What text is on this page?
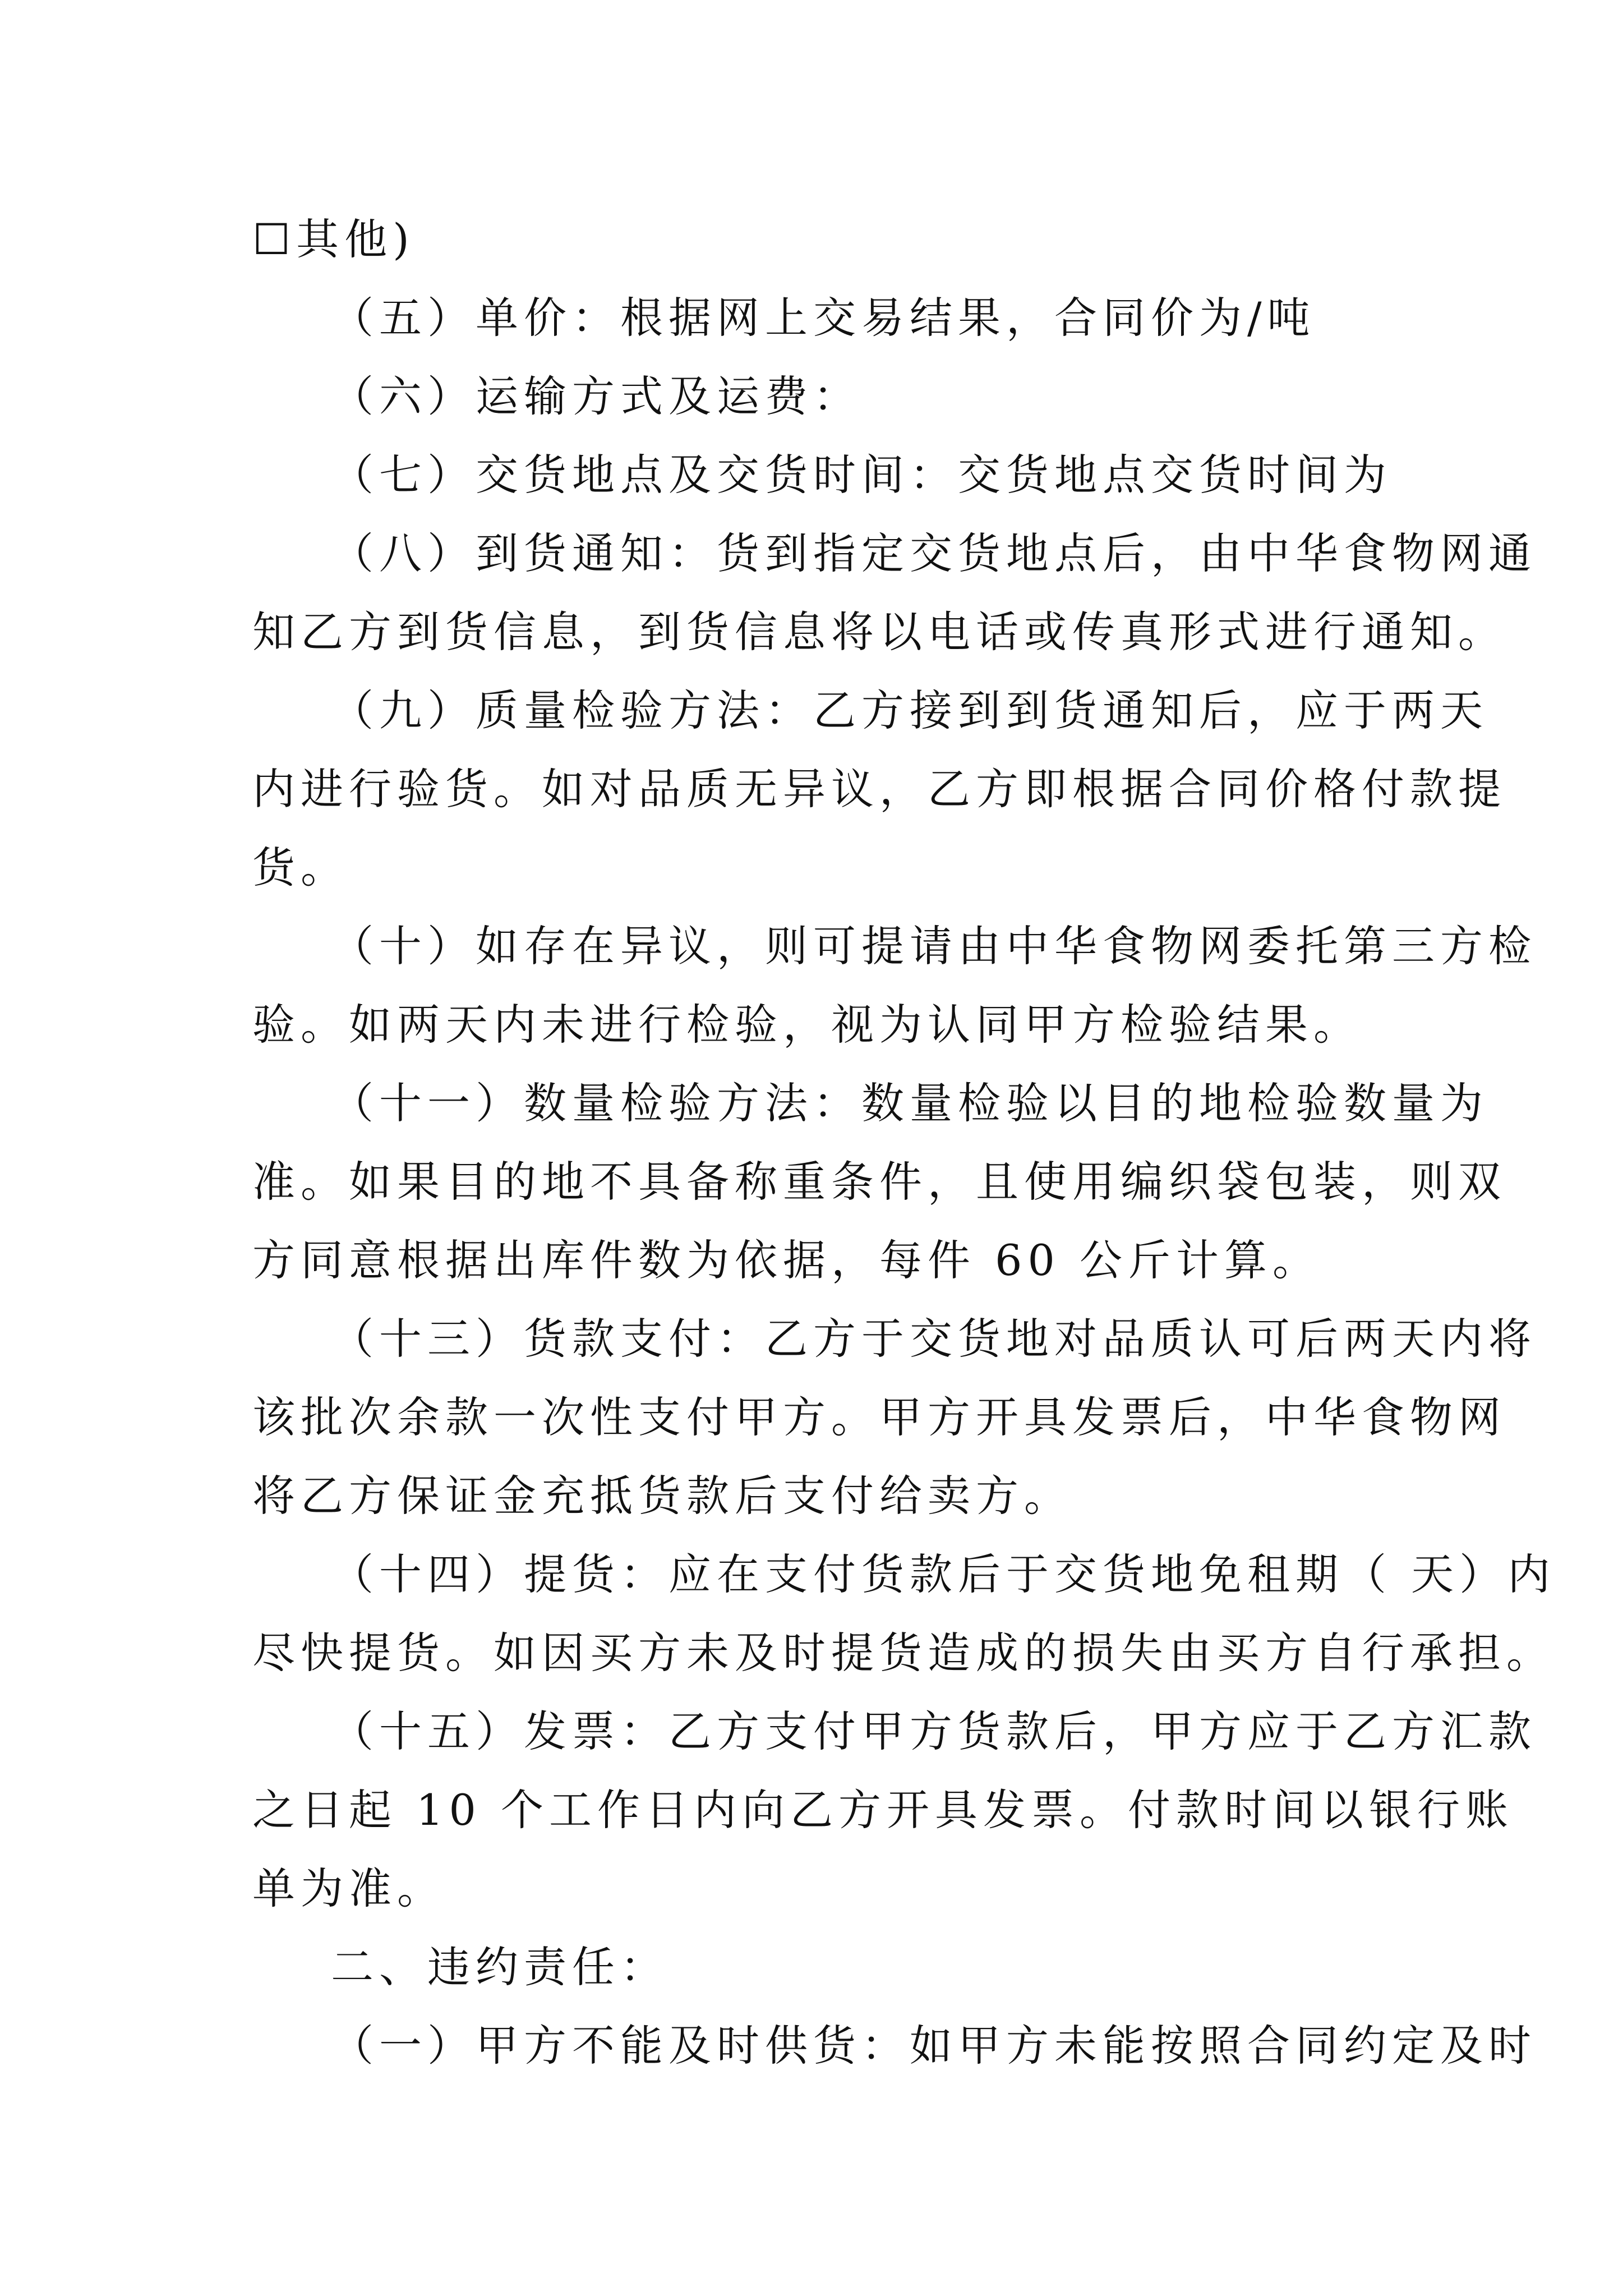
☐其他)
（五）单价：根据网上交易结果，合同价为/吨
（六）运输方式及运费：
（七）交货地点及交货时间：交货地点交货时间为
（八）到货通知：货到指定交货地点后，由中华食物网通
知乙方到货信息，到货信息将以电话或传真形式进行通知。
（九）质量检验方法：乙方接到到货通知后，应于两天
内进行验货。如对品质无异议，乙方即根据合同价格付款提
货。
（十）如存在异议，则可提请由中华食物网委托第三方检
验。如两天内未进行检验，视为认同甲方检验结果。
（十一）数量检验方法：数量检验以目的地检验数量为
准。如果目的地不具备称重条件，且使用编织袋包装，则双
方同意根据出库件数为依据，每件 60 公斤计算。
（十三）货款支付：乙方于交货地对品质认可后两天内将
该批次余款一次性支付甲方。甲方开具发票后，中华食物网
将乙方保证金充抵货款后支付给卖方。
（十四）提货：应在支付货款后于交货地免租期（ 天）内
尽快提货。如因买方未及时提货造成的损失由买方自行承担。
（十五）发票：乙方支付甲方货款后，甲方应于乙方汇款
之日起 10 个工作日内向乙方开具发票。付款时间以银行账
单为准。
二、违约责任：
（一）甲方不能及时供货：如甲方未能按照合同约定及时
